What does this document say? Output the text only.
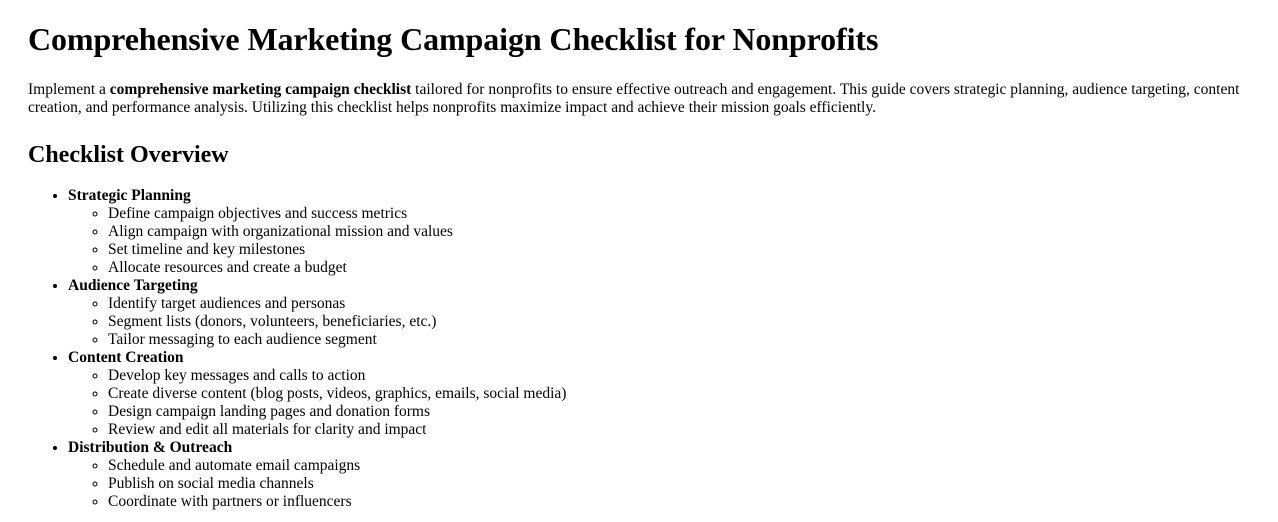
Comprehensive Marketing Campaign Checklist for Nonprofits

Implement a comprehensive marketing campaign checklist tailored for nonprofits to ensure effective outreach and engagement. This guide covers strategic planning, audience targeting, content creation, and performance analysis. Utilizing this checklist helps nonprofits maximize impact and achieve their mission goals efficiently.

Checklist Overview
• Strategic Planning
◦ Define campaign objectives and success metrics
◦ Align campaign with organizational mission and values
◦ Set timeline and key milestones
◦ Allocate resources and create a budget
• Audience Targeting
◦ Identify target audiences and personas
◦ Segment lists (donors, volunteers, beneficiaries, etc.)
◦ Tailor messaging to each audience segment
• Content Creation
◦ Develop key messages and calls to action
◦ Create diverse content (blog posts, videos, graphics, emails, social media)
◦ Design campaign landing pages and donation forms
◦ Review and edit all materials for clarity and impact
• Distribution & Outreach
◦ Schedule and automate email campaigns
◦ Publish on social media channels
◦ Coordinate with partners or influencers
